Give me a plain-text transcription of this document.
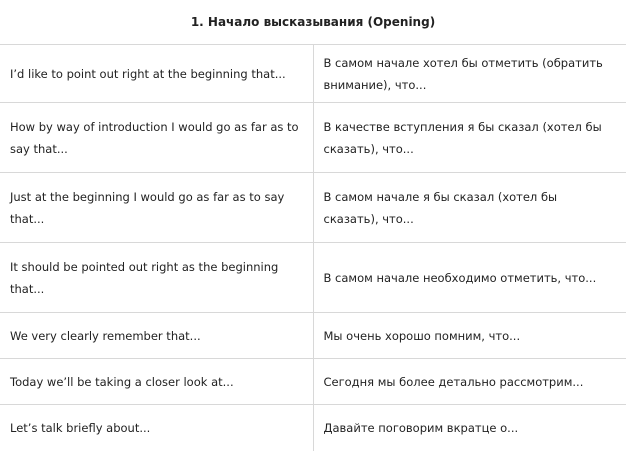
1. Начало высказывания (Opening)	
I’d like to point out right at the beginning that...	В самом начале хотел бы отметить (обратить внимание), что...
How by way of introduction I would go as far as to say that...	В качестве вступления я бы сказал (хотел бы сказать), что...
Just at the beginning I would go as far as to say that...	В самом начале я бы сказал (хотел бы сказать), что...
It should be pointed out right as the beginning that...	В самом начале необходимо отметить, что...
We very clearly remember that...	Мы очень хорошо помним, что...
Today we’ll be taking a closer look at...	Сегодня мы более детально рассмотрим...
Let’s talk briefly about...	Давайте поговорим вкратце о...
